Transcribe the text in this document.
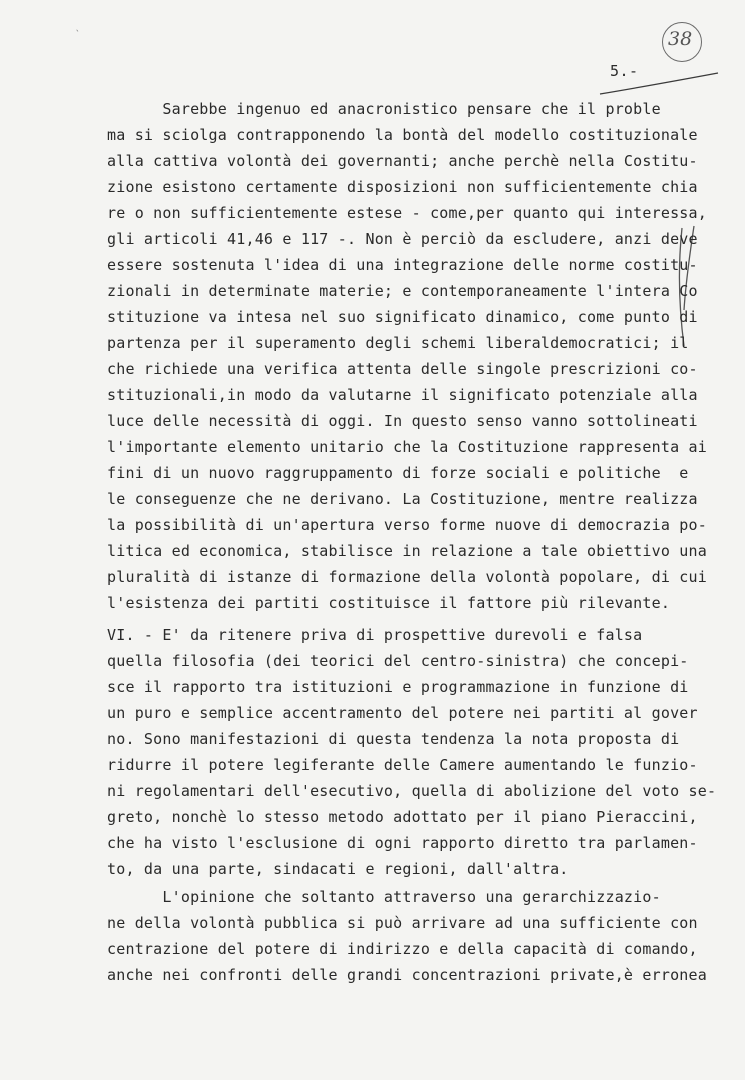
`	38
5.-
Sarebbe ingenuo ed anacronistico pensare che il proble
ma si sciolga contrapponendo la bontà del modello costituzionale
alla cattiva volontà dei governanti; anche perchè nella Costitu-
zione esistono certamente disposizioni non sufficientemente chia
re o non sufficientemente estese - come,per quanto qui interessa,
gli articoli 41,46 e 117 -. Non è perciò da escludere, anzi deve
essere sostenuta l'idea di una integrazione delle norme costitu-
zionali in determinate materie; e contemporaneamente l'intera Co
stituzione va intesa nel suo significato dinamico, come punto di
partenza per il superamento degli schemi liberaldemocratici; il
che richiede una verifica attenta delle singole prescrizioni co-
stituzionali,in modo da valutarne il significato potenziale alla
luce delle necessità di oggi. In questo senso vanno sottolineati
l'importante elemento unitario che la Costituzione rappresenta ai
fini di un nuovo raggruppamento di forze sociali e politiche  e
le conseguenze che ne derivano. La Costituzione, mentre realizza
la possibilità di un'apertura verso forme nuove di democrazia po-
litica ed economica, stabilisce in relazione a tale obiettivo una
pluralità di istanze di formazione della volontà popolare, di cui
l'esistenza dei partiti costituisce il fattore più rilevante.
VI. - E' da ritenere priva di prospettive durevoli e falsa
quella filosofia (dei teorici del centro-sinistra) che concepi-
sce il rapporto tra istituzioni e programmazione in funzione di
un puro e semplice accentramento del potere nei partiti al gover
no. Sono manifestazioni di questa tendenza la nota proposta di
ridurre il potere legiferante delle Camere aumentando le funzio-
ni regolamentari dell'esecutivo, quella di abolizione del voto se-
greto, nonchè lo stesso metodo adottato per il piano Pieraccini,
che ha visto l'esclusione di ogni rapporto diretto tra parlamen-
to, da una parte, sindacati e regioni, dall'altra.
L'opinione che soltanto attraverso una gerarchizzazio-
ne della volontà pubblica si può arrivare ad una sufficiente con
centrazione del potere di indirizzo e della capacità di comando,
anche nei confronti delle grandi concentrazioni private,è erronea
